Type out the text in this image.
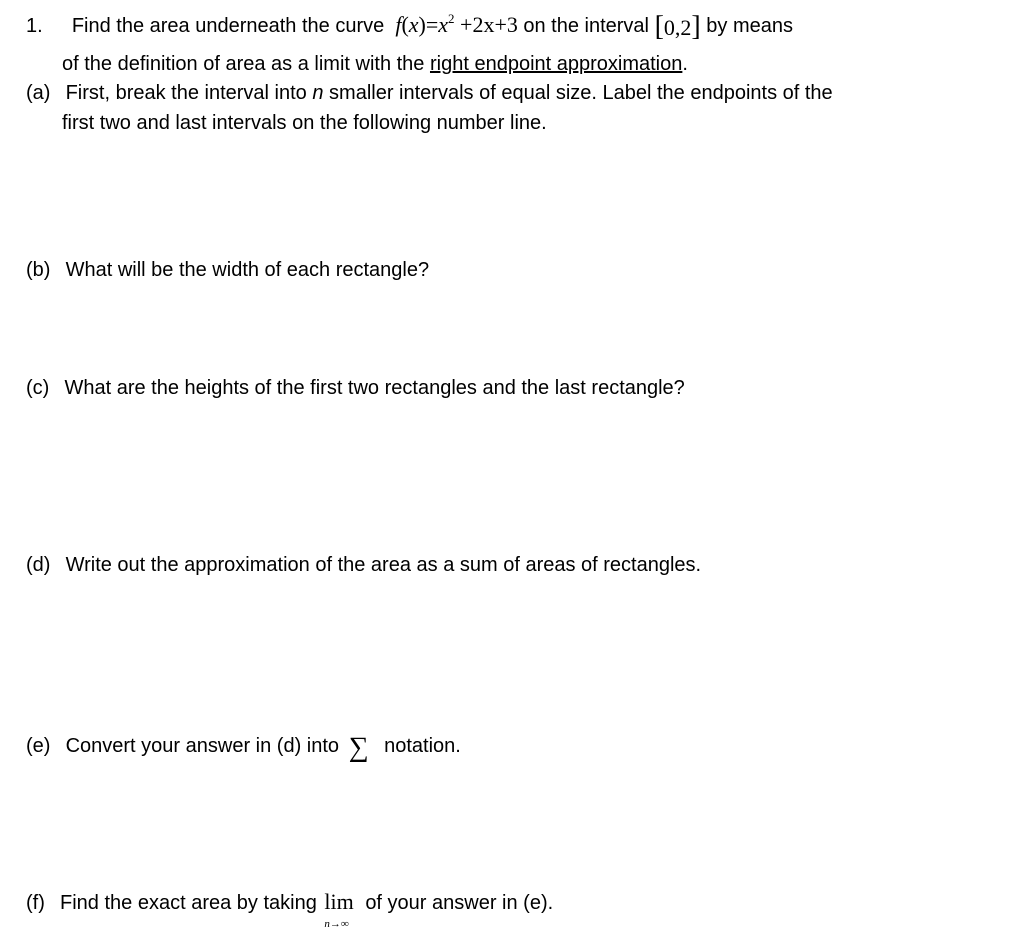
1. Find the area underneath the curve $f(x)=x^2 +2x+3$ on the interval [0,2] by means
of the definition of area as a limit with the right endpoint approximation.
(a) First, break the interval into n smaller intervals of equal size. Label the endpoints of the
first two and last intervals on the following number line.
(b) What will be the width of each rectangle?
(c) What are the heights of the first two rectangles and the last rectangle?
(d) Write out the approximation of the area as a sum of areas of rectangles.
(e) Convert your answer in (d) into ∑ notation.
(f) Find the exact area by taking lim
n→∞
of your answer in (e).
